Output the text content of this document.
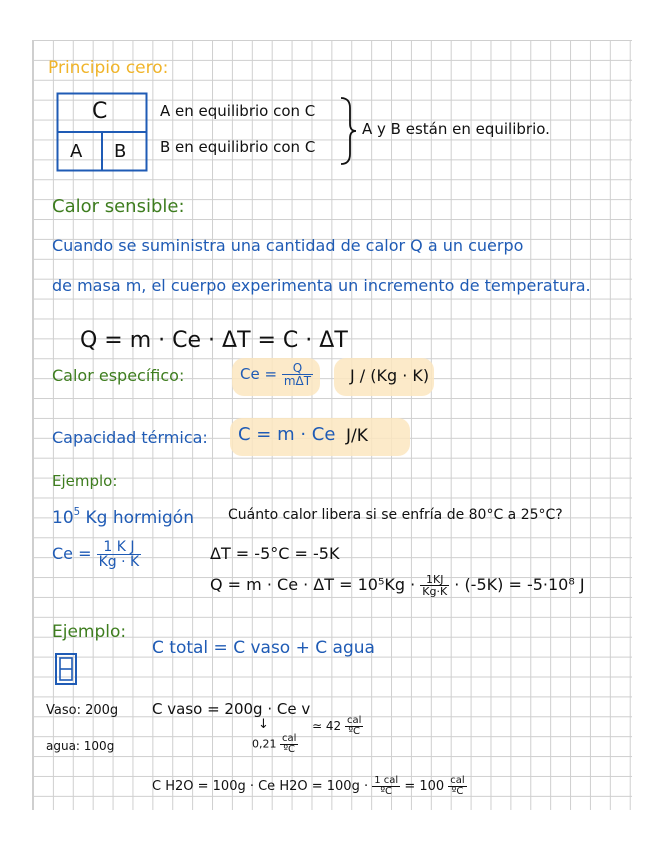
Principio cero:
C
A B
A en equilibrio con C
B en equilibrio con C
A y B están en equilibrio.
Calor sensible:
Cuando se suministra una cantidad de calor Q a un cuerpo
de masa m, el cuerpo experimenta un incremento de temperatura.
Q = m · Ce · ΔT = C · ΔT
Calor específico:	$Ce = \frac{Q}{\text{mΔT}}$ J / (Kg · K)
Capacidad térmica: C = m · Ce J/K
Ejemplo:
$10^5$ Kg hormigón Cuánto calor libera si se enfría de 80°C a 25°C?
$Ce = \frac{\text{1 K J}}{Kg \cdot K}$	ΔT = -5°C = -5K
$Q = m \cdot Ce \cdot \Delta T = 10^5Kg \cdot \frac{1KJ}{Kg\cdot K} \cdot (-5K) = -5\cdot 10^8$ J
Ejemplo:
C total = C vaso + C agua
Vaso: 200g
agua: 100g
C vaso = 200g · Ce v
↓
$0,21 \frac{\text{cal}}{\text{ºC}}$
≃ $42 \frac{\text{cal}}{\text{ºC}}$
C H2O = 100g · Ce $H2O = 100g \cdot \frac{\text{1 cal}}{\text{ºC}} = 100 \frac{\text{cal}}{\text{ºC}}$
